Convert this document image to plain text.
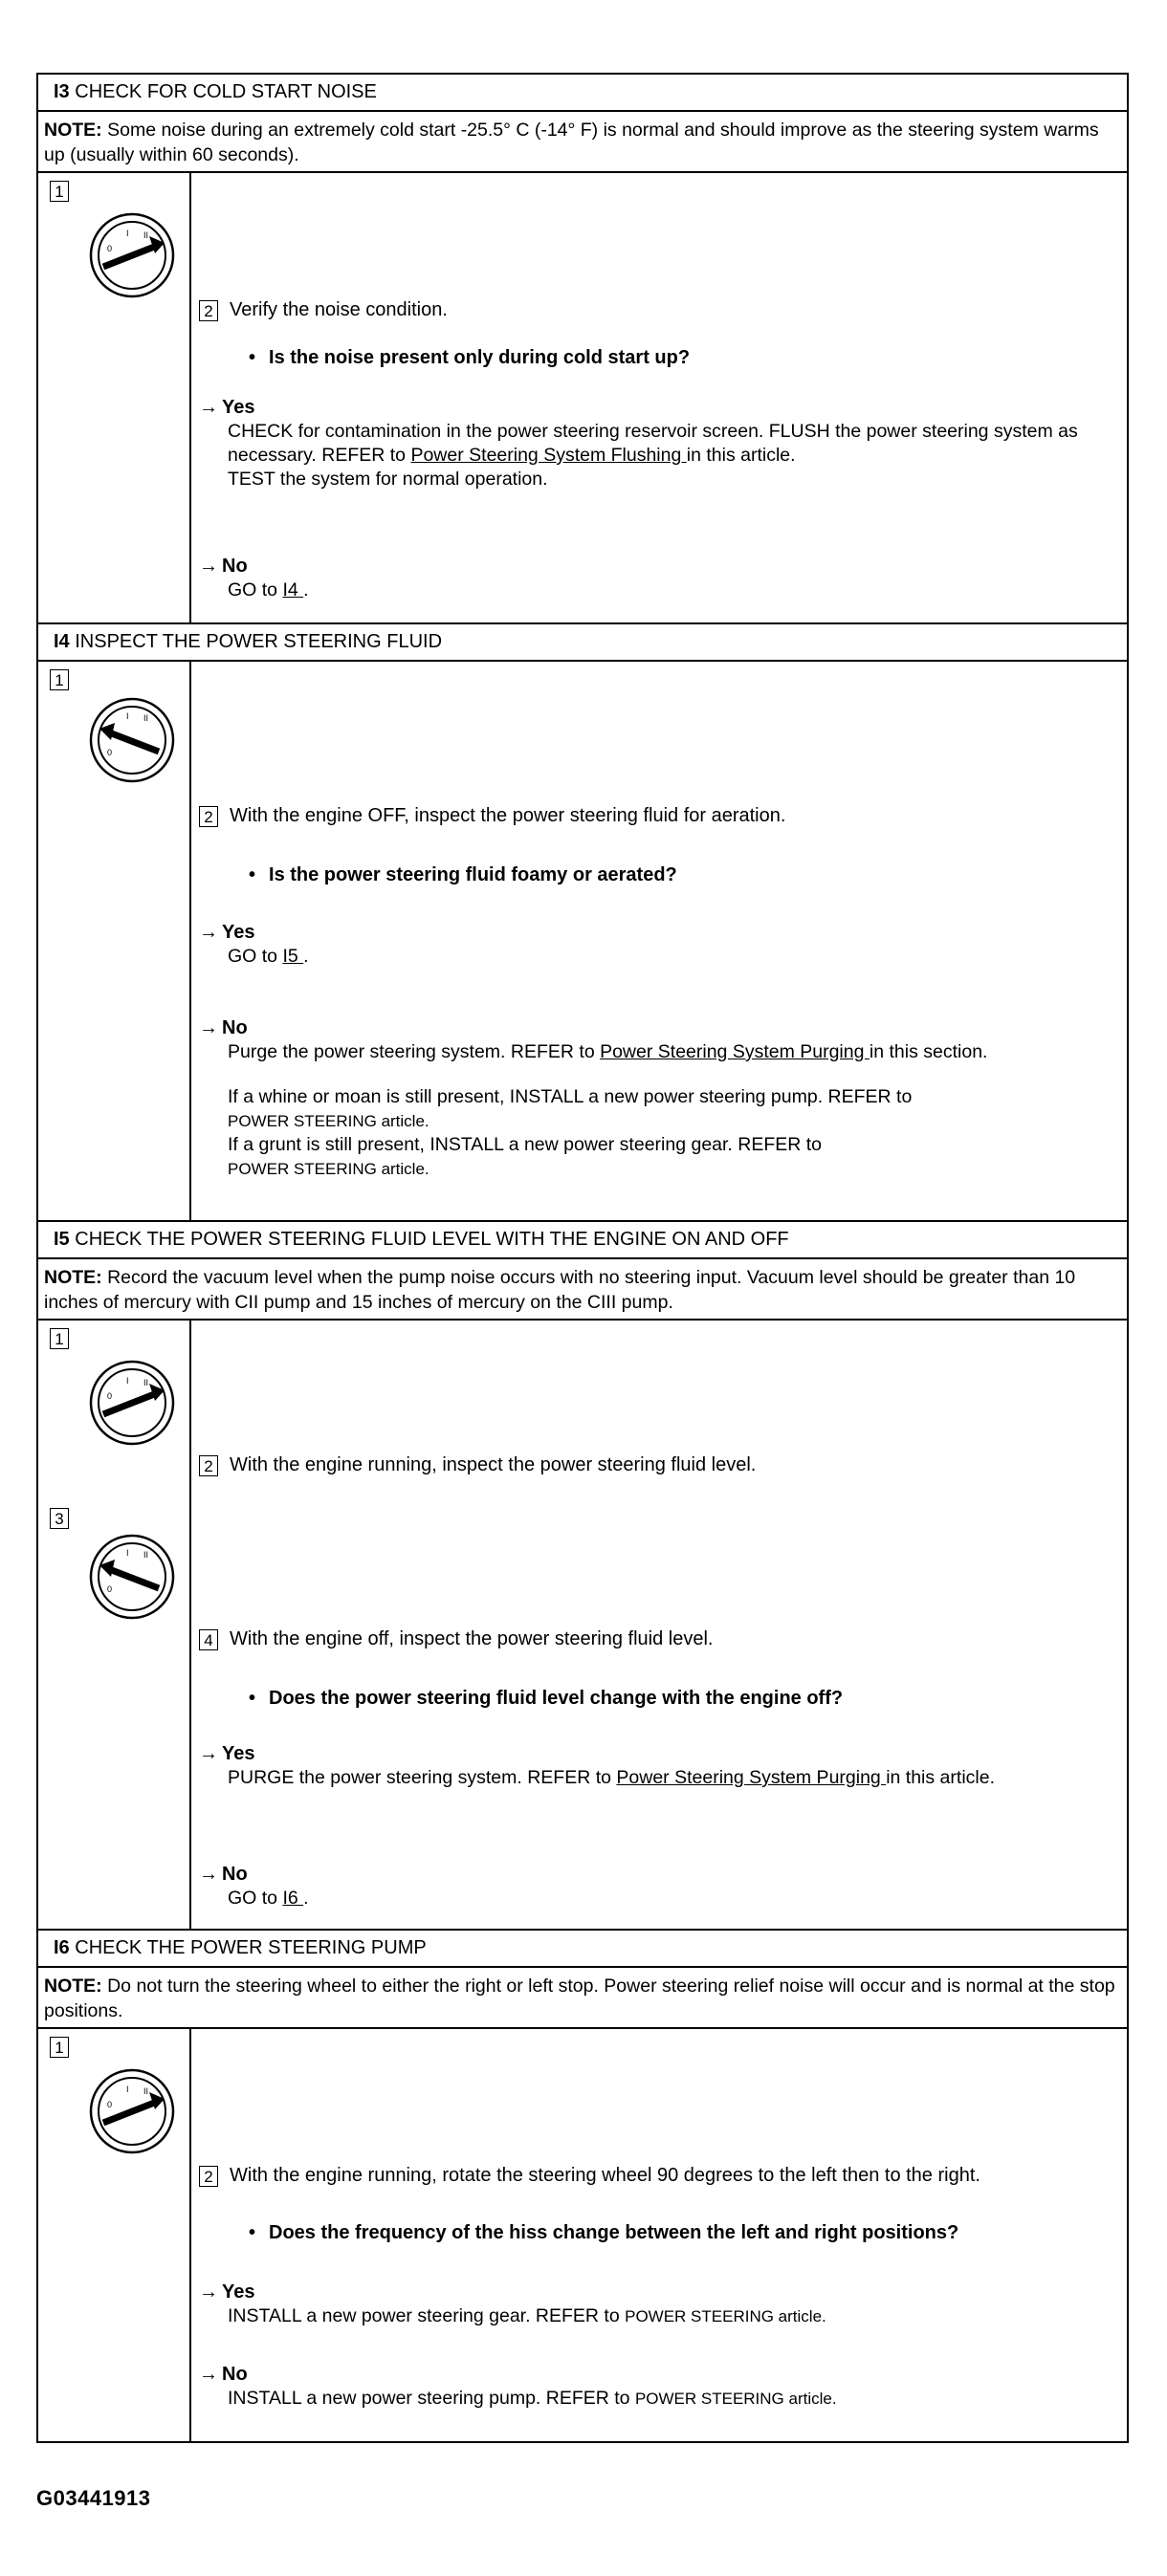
I3 CHECK FOR COLD START NOISE
NOTE: Some noise during an extremely cold start -25.5° C (-14° F) is normal and should improve as the steering system warms up (usually within 60 seconds).
1
0
I II
2 Verify the noise condition.
• Is the noise present only during cold start up?
→ Yes
CHECK for contamination in the power steering reservoir screen. FLUSH the power steering system as necessary. REFER to Power Steering System Flushing in this article.
TEST the system for normal operation.
→ No
GO to I4 .
I4 INSPECT THE POWER STEERING FLUID
1
0
I II
2 With the engine OFF, inspect the power steering fluid for aeration.
• Is the power steering fluid foamy or aerated?
→ Yes
GO to I5 .
→ No
Purge the power steering system. REFER to Power Steering System Purging in this section.
If a whine or moan is still present, INSTALL a new power steering pump. REFER to
POWER STEERING article.
If a grunt is still present, INSTALL a new power steering gear. REFER to
POWER STEERING article.
I5 CHECK THE POWER STEERING FLUID LEVEL WITH THE ENGINE ON AND OFF
NOTE: Record the vacuum level when the pump noise occurs with no steering input. Vacuum level should be greater than 10 inches of mercury with CII pump and 15 inches of mercury on the CIII pump.
1
0
I II
3
0
I II
2 With the engine running, inspect the power steering fluid level.
4 With the engine off, inspect the power steering fluid level.
• Does the power steering fluid level change with the engine off?
→ Yes
PURGE the power steering system. REFER to Power Steering System Purging in this article.
→ No
GO to I6 .
I6 CHECK THE POWER STEERING PUMP
NOTE: Do not turn the steering wheel to either the right or left stop. Power steering relief noise will occur and is normal at the stop positions.
1
0
I II
2 With the engine running, rotate the steering wheel 90 degrees to the left then to the right.
• Does the frequency of the hiss change between the left and right positions?
→ Yes
INSTALL a new power steering gear. REFER to POWER STEERING article.
→ No
INSTALL a new power steering pump. REFER to POWER STEERING article.
G03441913
